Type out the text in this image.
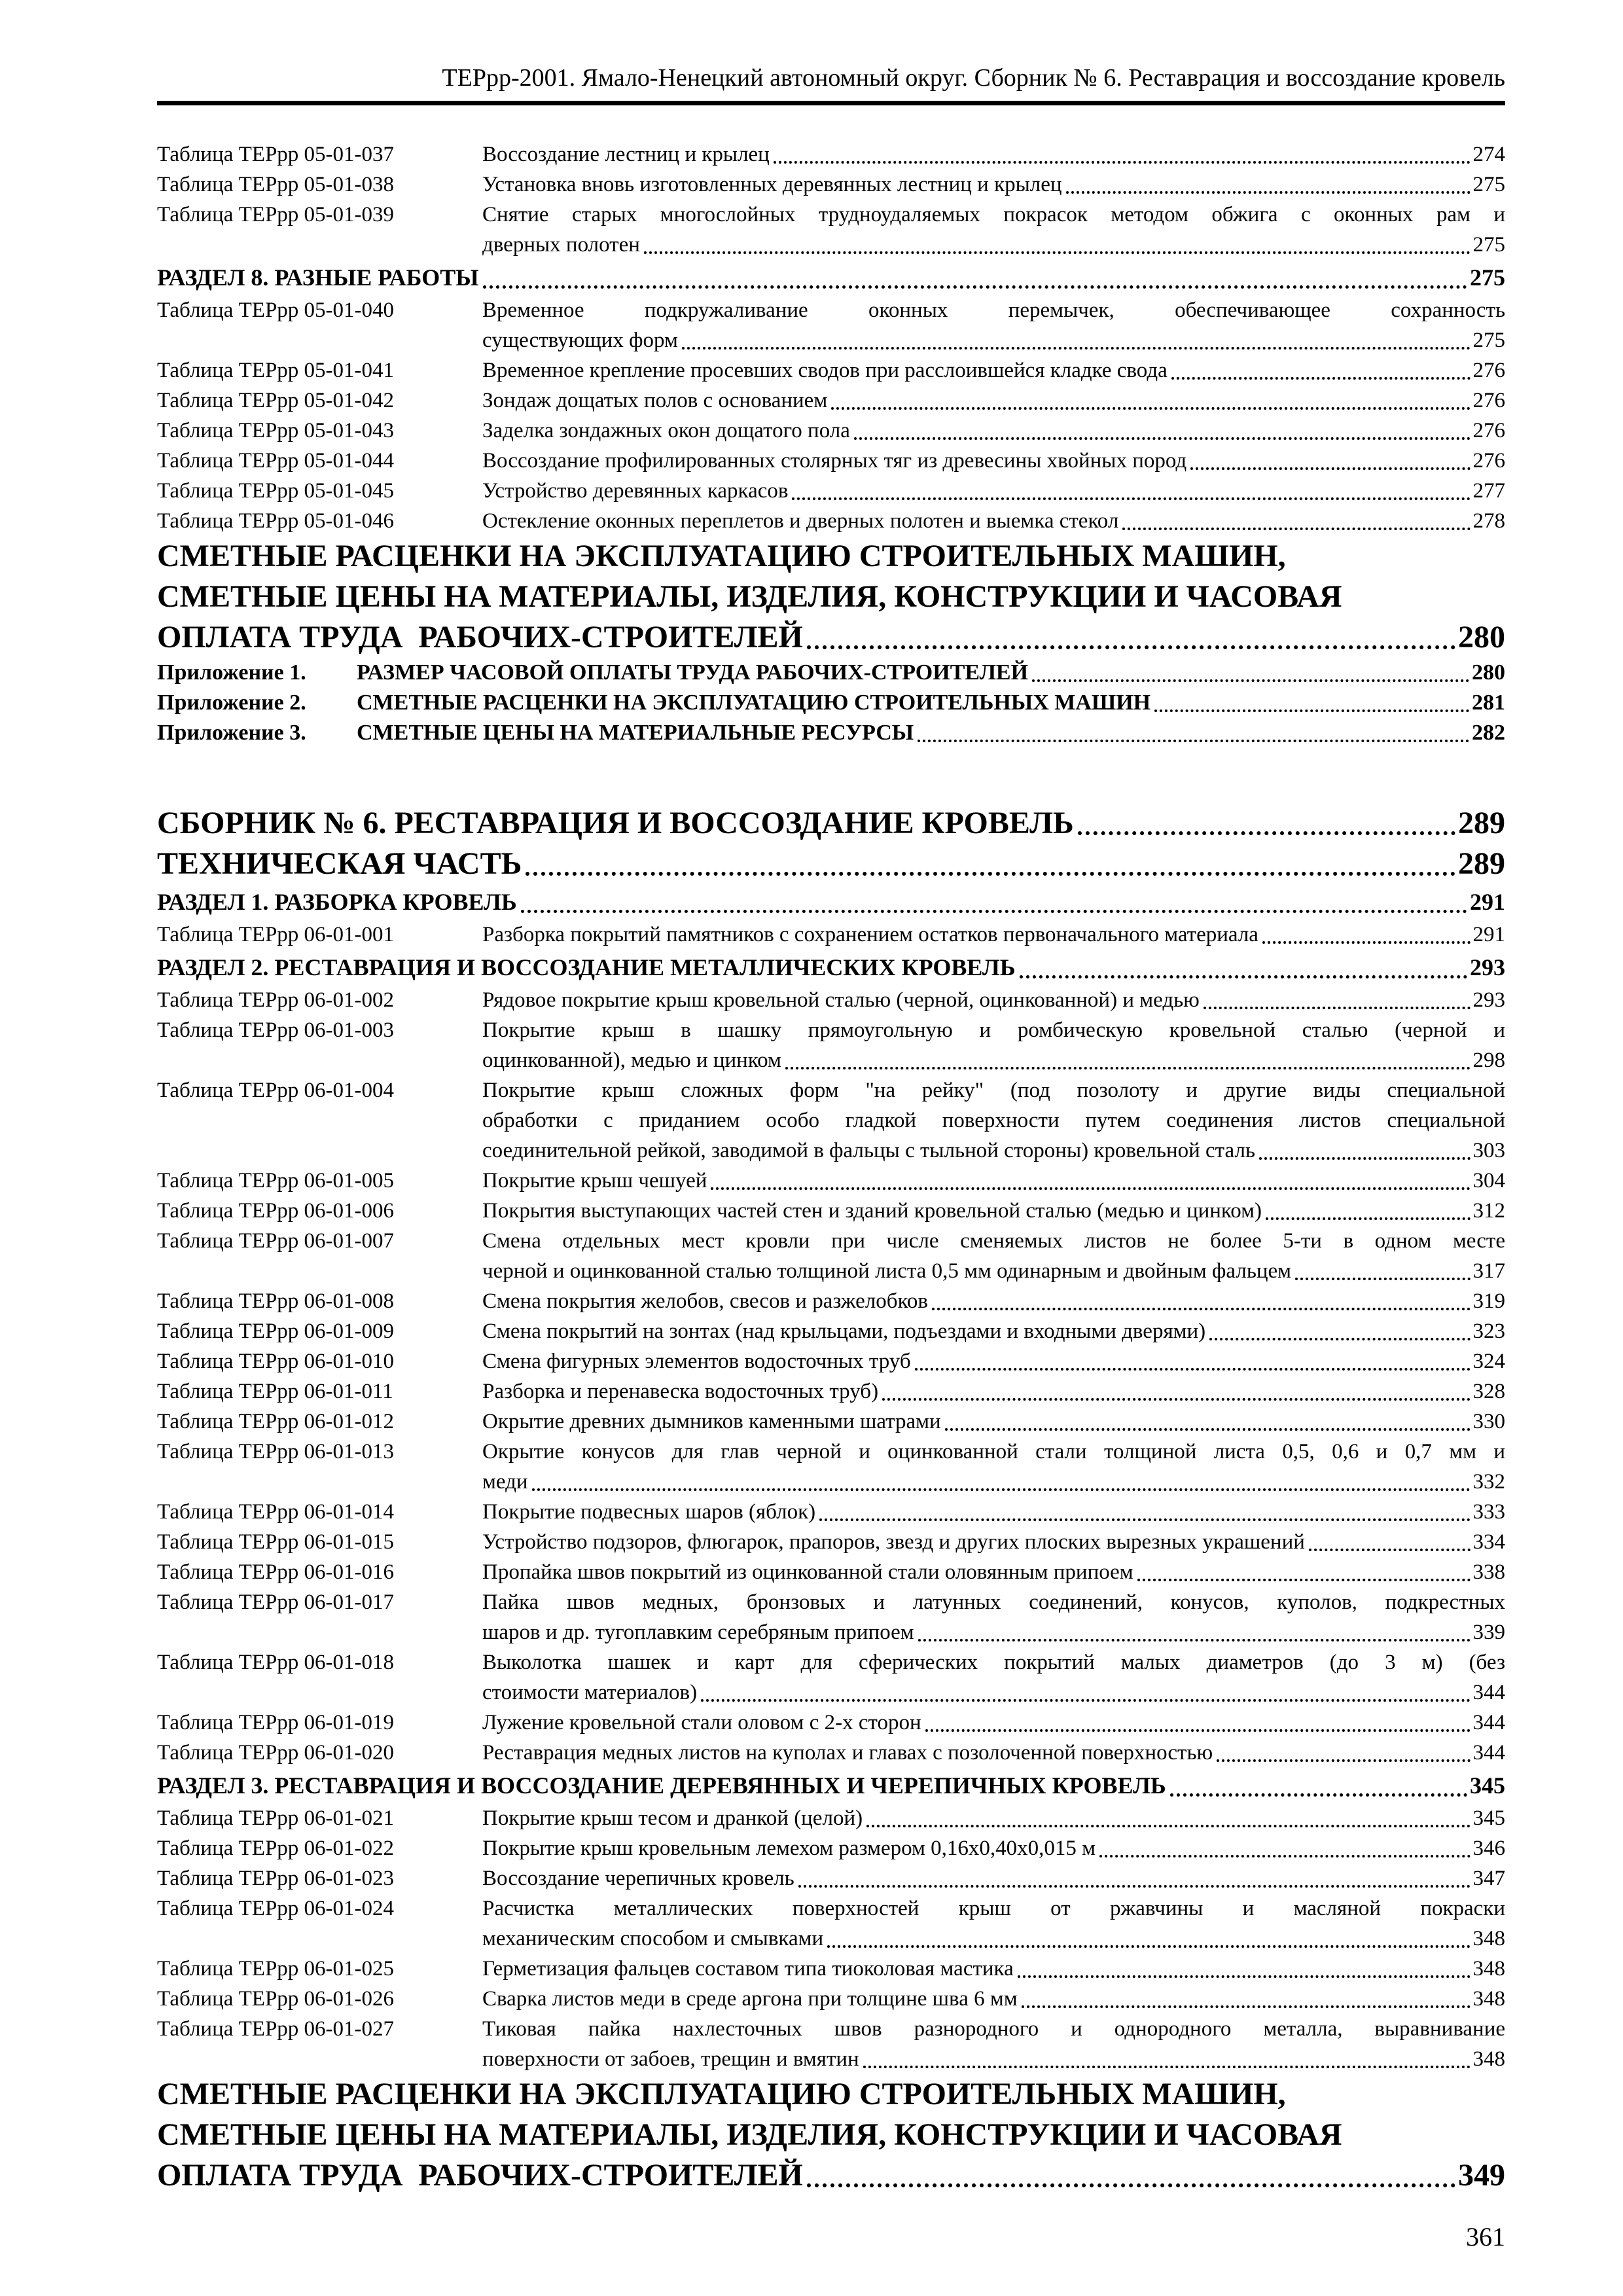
ТЕРрр-2001. Ямало-Ненецкий автономный округ. Сборник № 6. Реставрация и воссоздание кровель
Таблица ТЕРрр 05-01-037	Воссоздание лестниц и крылец	274
Таблица ТЕРрр 05-01-038	Установка вновь изготовленных деревянных лестниц и крылец	275
Таблица ТЕРрр 05-01-039	Снятие старых многослойных трудноудаляемых покрасок методом обжига с оконных рам и
дверных полотен	275
РАЗДЕЛ 8. РАЗНЫЕ РАБОТЫ	275
Таблица ТЕРрр 05-01-040	Временное подкружаливание оконных перемычек, обеспечивающее сохранность
существующих форм	275
Таблица ТЕРрр 05-01-041	Временное крепление просевших сводов при расслоившейся кладке свода	276
Таблица ТЕРрр 05-01-042	Зондаж дощатых полов с основанием	276
Таблица ТЕРрр 05-01-043	Заделка зондажных окон дощатого пола	276
Таблица ТЕРрр 05-01-044	Воссоздание профилированных столярных тяг из древесины хвойных пород	276
Таблица ТЕРрр 05-01-045	Устройство деревянных каркасов	277
Таблица ТЕРрр 05-01-046	Остекление оконных переплетов и дверных полотен и выемка стекол	278
СМЕТНЫЕ РАСЦЕНКИ НА ЭКСПЛУАТАЦИЮ СТРОИТЕЛЬНЫХ МАШИН,
СМЕТНЫЕ ЦЕНЫ НА МАТЕРИАЛЫ, ИЗДЕЛИЯ, КОНСТРУКЦИИ И ЧАСОВАЯ
ОПЛАТА ТРУДА  РАБОЧИХ-СТРОИТЕЛЕЙ	280
Приложение 1.	РАЗМЕР ЧАСОВОЙ ОПЛАТЫ ТРУДА РАБОЧИХ-СТРОИТЕЛЕЙ	280
Приложение 2.	СМЕТНЫЕ РАСЦЕНКИ НА ЭКСПЛУАТАЦИЮ СТРОИТЕЛЬНЫХ МАШИН	281
Приложение 3.	СМЕТНЫЕ ЦЕНЫ НА МАТЕРИАЛЬНЫЕ РЕСУРСЫ	282
СБОРНИК № 6. РЕСТАВРАЦИЯ И ВОССОЗДАНИЕ КРОВЕЛЬ	289
ТЕХНИЧЕСКАЯ ЧАСТЬ	289
РАЗДЕЛ 1. РАЗБОРКА КРОВЕЛЬ	291
Таблица ТЕРрр 06-01-001	Разборка покрытий памятников с сохранением остатков первоначального материала	291
РАЗДЕЛ 2. РЕСТАВРАЦИЯ И ВОССОЗДАНИЕ МЕТАЛЛИЧЕСКИХ КРОВЕЛЬ	293
Таблица ТЕРрр 06-01-002	Рядовое покрытие крыш кровельной сталью (черной, оцинкованной) и медью	293
Таблица ТЕРрр 06-01-003	Покрытие крыш в шашку прямоугольную и ромбическую кровельной сталью (черной и
оцинкованной), медью и цинком	298
Таблица ТЕРрр 06-01-004	Покрытие крыш сложных форм "на рейку" (под позолоту и другие виды специальной
обработки с приданием особо гладкой поверхности путем соединения листов специальной
соединительной рейкой, заводимой в фальцы с тыльной стороны) кровельной сталь	303
Таблица ТЕРрр 06-01-005	Покрытие крыш чешуей	304
Таблица ТЕРрр 06-01-006	Покрытия выступающих частей стен и зданий кровельной сталью (медью и цинком)	312
Таблица ТЕРрр 06-01-007	Смена отдельных мест кровли при числе сменяемых листов не более 5-ти в одном месте
черной и оцинкованной сталью толщиной листа 0,5 мм одинарным и двойным фальцем	317
Таблица ТЕРрр 06-01-008	Смена покрытия желобов, свесов и разжелобков	319
Таблица ТЕРрр 06-01-009	Смена покрытий на зонтах (над крыльцами, подъездами и входными дверями)	323
Таблица ТЕРрр 06-01-010	Смена фигурных элементов водосточных труб	324
Таблица ТЕРрр 06-01-011	Разборка и перенавеска водосточных труб)	328
Таблица ТЕРрр 06-01-012	Окрытие древних дымников каменными шатрами	330
Таблица ТЕРрр 06-01-013	Окрытие конусов для глав черной и оцинкованной стали толщиной листа 0,5, 0,6 и 0,7 мм и
меди	332
Таблица ТЕРрр 06-01-014	Покрытие подвесных шаров (яблок)	333
Таблица ТЕРрр 06-01-015	Устройство подзоров, флюгарок, прапоров, звезд и других плоских вырезных украшений	334
Таблица ТЕРрр 06-01-016	Пропайка швов покрытий из оцинкованной стали оловянным припоем	338
Таблица ТЕРрр 06-01-017	Пайка швов медных, бронзовых и латунных соединений, конусов, куполов, подкрестных
шаров и др. тугоплавким серебряным припоем	339
Таблица ТЕРрр 06-01-018	Выколотка шашек и карт для сферических покрытий малых диаметров (до 3 м) (без
стоимости материалов)	344
Таблица ТЕРрр 06-01-019	Лужение кровельной стали оловом с 2-х сторон	344
Таблица ТЕРрр 06-01-020	Реставрация медных листов на куполах и главах с позолоченной поверхностью	344
РАЗДЕЛ 3. РЕСТАВРАЦИЯ И ВОССОЗДАНИЕ ДЕРЕВЯННЫХ И ЧЕРЕПИЧНЫХ КРОВЕЛЬ	345
Таблица ТЕРрр 06-01-021	Покрытие крыш тесом и дранкой (целой)	345
Таблица ТЕРрр 06-01-022	Покрытие крыш кровельным лемехом размером 0,16х0,40х0,015 м	346
Таблица ТЕРрр 06-01-023	Воссоздание черепичных кровель	347
Таблица ТЕРрр 06-01-024	Расчистка металлических поверхностей крыш от ржавчины и масляной покраски
механическим способом и смывками	348
Таблица ТЕРрр 06-01-025	Герметизация фальцев составом типа тиоколовая мастика	348
Таблица ТЕРрр 06-01-026	Сварка листов меди в среде аргона при толщине шва 6 мм	348
Таблица ТЕРрр 06-01-027	Тиковая пайка нахлесточных швов разнородного и однородного металла, выравнивание
поверхности от забоев, трещин и вмятин	348
СМЕТНЫЕ РАСЦЕНКИ НА ЭКСПЛУАТАЦИЮ СТРОИТЕЛЬНЫХ МАШИН,
СМЕТНЫЕ ЦЕНЫ НА МАТЕРИАЛЫ, ИЗДЕЛИЯ, КОНСТРУКЦИИ И ЧАСОВАЯ
ОПЛАТА ТРУДА  РАБОЧИХ-СТРОИТЕЛЕЙ	349
361
